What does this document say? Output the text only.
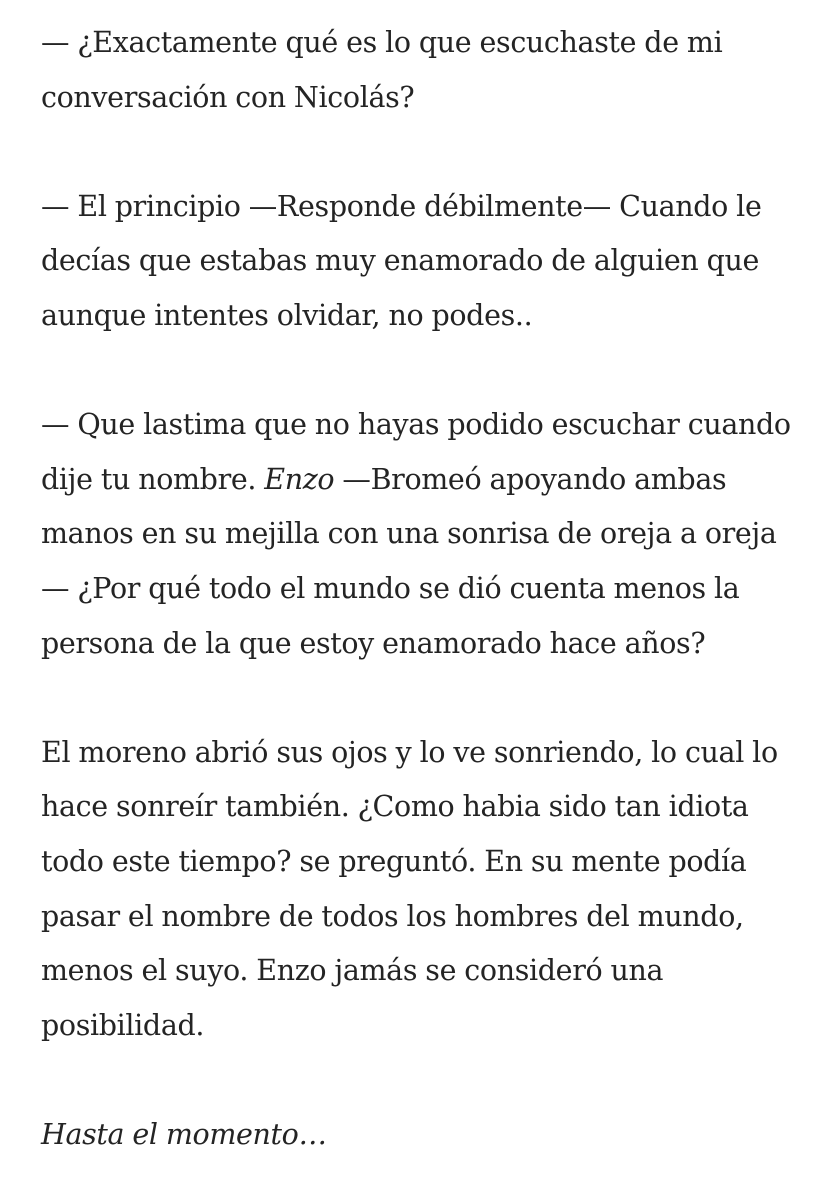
— ¿Exactamente qué es lo que escuchaste de mi
conversación con Nicolás?

— El principio —Responde débilmente— Cuando le
decías que estabas muy enamorado de alguien que
aunque intentes olvidar, no podes..

— Que lastima que no hayas podido escuchar cuando
dije tu nombre. Enzo —Bromeó apoyando ambas
manos en su mejilla con una sonrisa de oreja a oreja
— ¿Por qué todo el mundo se dió cuenta menos la
persona de la que estoy enamorado hace años?

El moreno abrió sus ojos y lo ve sonriendo, lo cual lo
hace sonreír también. ¿Como habia sido tan idiota
todo este tiempo? se preguntó. En su mente podía
pasar el nombre de todos los hombres del mundo,
menos el suyo. Enzo jamás se consideró una
posibilidad.

Hasta el momento…
